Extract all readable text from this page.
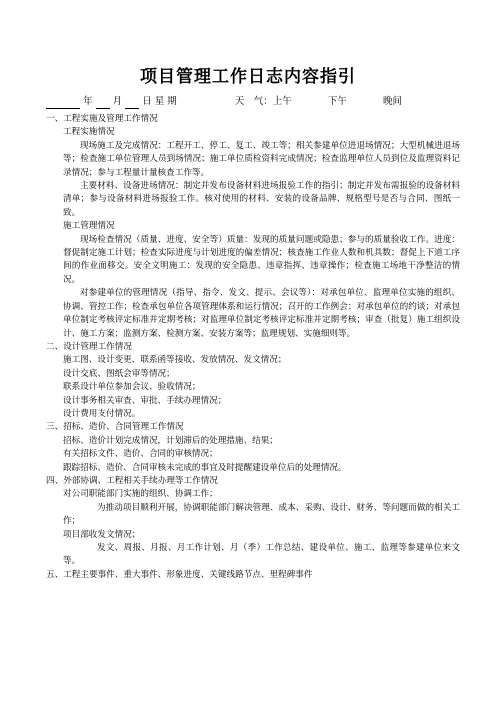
项目管理工作日志内容指引
年 月 日 星 期	天　气：上午	下午	晚间
一、工程实施及管理工作情况
工程实施情况
现场施工及完成情况：工程开工、停工、复工、竣工等；相关参建单位进退场情况；大型机械进退场等；检查施工单位管理人员到场情况；施工单位质检资料完成情况；检查监理单位人员到位及监理资料记录情况；参与工程量计量核查工作等。
主要材料、设备进场情况：制定并发布设备材料进场报验工作的指引；制定并发布需报验的设备材料清单；参与设备材料进场报验工作。核对使用的材料、安装的设备品牌、规格型号是否与合同、图纸一致。
施工管理情况
现场检查情况（质量、进度、安全等）质量：发现的质量问题或隐患；参与的质量验收工作。进度：督促制定施工计划；检查实际进度与计划进度的偏差情况；核查施工作业人数和机具数；督促上下道工序间的作业面移交。安全文明施工：发现的安全隐患、违章指挥、违章操作；检查施工场地干净整洁的情况。
对参建单位的管理情况（指导、指令、发文、提示、会议等）：对承包单位、监理单位实施的组织、协调、管控工作；检查承包单位各项管理体系和运行情况；召开的工作例会；对承包单位的约谈；对承包单位制定考核评定标准并定期考核；对监理单位制定考核评定标准并定期考核；审查（批复）施工组织设计、施工方案；监测方案、检测方案、安装方案等；监理规划、实施细则等。
二、设计管理工作情况
施工图、设计变更、联系函等接收、发放情况、发文情况；
设计交底、图纸会审等情况；
联系设计单位参加会议、验收情况；
设计事务相关审查、审批、手续办理情况；
设计费用支付情况。
三、招标、造价、合同管理工作情况
招标、造价计划完成情况，计划滞后的处理措施、结果；
有关招标文件、造价、合同的审核情况；
跟踪招标、造价、合同审核未完成的事宜及时提醒建设单位后的处理情况。
四、外部协调、工程相关手续办理等工作情况
对公司职能部门实施的组织、协调工作；
为推动项目顺利开展，协调职能部门解决管理、成本、采购、设计、财务、等问题而做的相关工作；
项目部收发文情况；
发文、周报、月报、月工作计划、月（季）工作总结、建设单位、施工、监理等参建单位来文等。
五、工程主要事件、重大事件、形象进度、关键线路节点、里程碑事件
